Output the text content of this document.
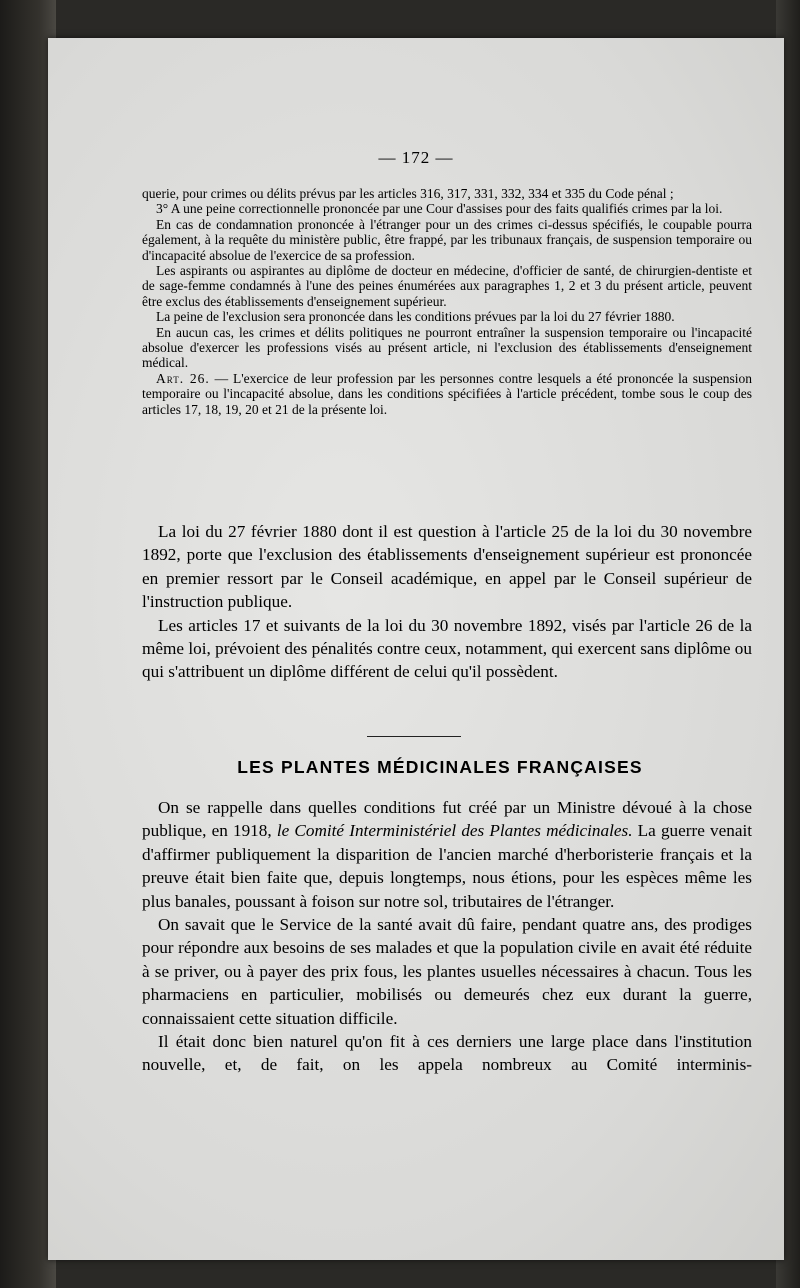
— 172 —

querie, pour crimes ou délits prévus par les articles 316, 317, 331, 332, 334 et 335 du Code pénal ;

3° A une peine correctionnelle prononcée par une Cour d'assises pour des faits qualifiés crimes par la loi.

En cas de condamnation prononcée à l'étranger pour un des crimes ci-dessus spécifiés, le coupable pourra également, à la requête du ministère public, être frappé, par les tribunaux français, de suspension temporaire ou d'incapacité absolue de l'exercice de sa profession.

Les aspirants ou aspirantes au diplôme de docteur en médecine, d'officier de santé, de chirurgien-dentiste et de sage-femme condamnés à l'une des peines énumérées aux paragraphes 1, 2 et 3 du présent article, peuvent être exclus des établissements d'enseignement supérieur.

La peine de l'exclusion sera prononcée dans les conditions prévues par la loi du 27 février 1880.

En aucun cas, les crimes et délits politiques ne pourront entraîner la suspension temporaire ou l'incapacité absolue d'exercer les professions visés au présent article, ni l'exclusion des établissements d'enseignement médical.

Art. 26. — L'exercice de leur profession par les personnes contre lesquels a été prononcée la suspension temporaire ou l'incapacité absolue, dans les conditions spécifiées à l'article précédent, tombe sous le coup des articles 17, 18, 19, 20 et 21 de la présente loi.

La loi du 27 février 1880 dont il est question à l'article 25 de la loi du 30 novembre 1892, porte que l'exclusion des établissements d'enseignement supérieur est prononcée en premier ressort par le Conseil académique, en appel par le Conseil supérieur de l'instruction publique.

Les articles 17 et suivants de la loi du 30 novembre 1892, visés par l'article 26 de la même loi, prévoient des pénalités contre ceux, notamment, qui exercent sans diplôme ou qui s'attribuent un diplôme différent de celui qu'il possèdent.

LES PLANTES MÉDICINALES FRANÇAISES

On se rappelle dans quelles conditions fut créé par un Ministre dévoué à la chose publique, en 1918, le Comité Interministériel des Plantes médicinales. La guerre venait d'affirmer publiquement la disparition de l'ancien marché d'herboristerie français et la preuve était bien faite que, depuis longtemps, nous étions, pour les espèces même les plus banales, poussant à foison sur notre sol, tributaires de l'étranger.

On savait que le Service de la santé avait dû faire, pendant quatre ans, des prodiges pour répondre aux besoins de ses malades et que la population civile en avait été réduite à se priver, ou à payer des prix fous, les plantes usuelles nécessaires à chacun. Tous les pharmaciens en particulier, mobilisés ou demeurés chez eux durant la guerre, connaissaient cette situation difficile.

Il était donc bien naturel qu'on fit à ces derniers une large place dans l'institution nouvelle, et, de fait, on les appela nombreux au Comité interminis-
